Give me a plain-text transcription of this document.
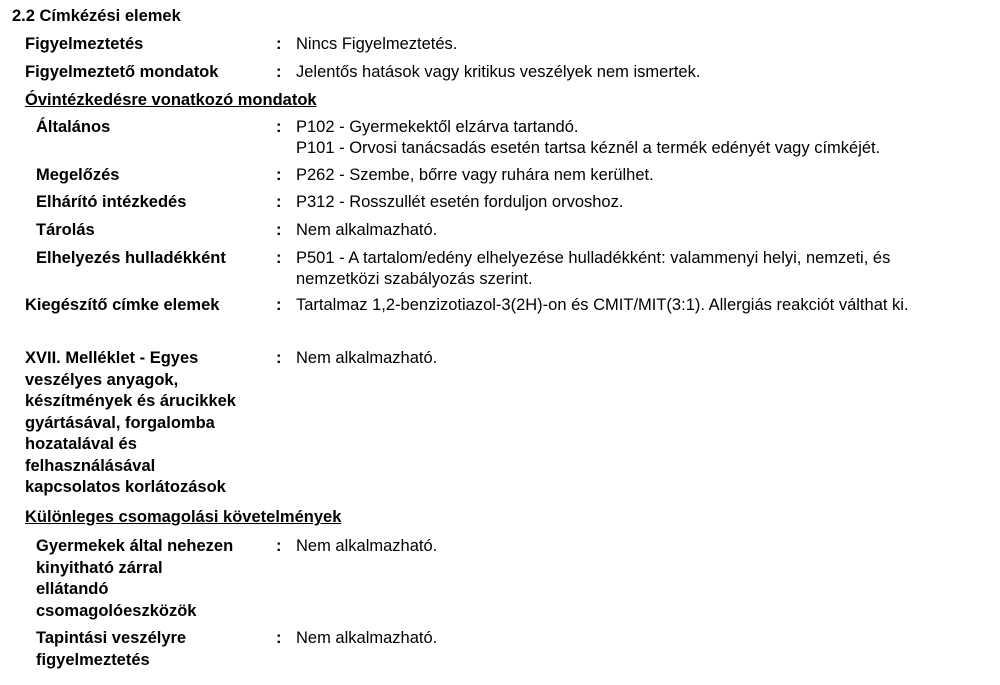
2.2 Címkézési elemek
Figyelmeztetés	: Nincs Figyelmeztetés.
Figyelmeztető mondatok	: Jelentős hatások vagy kritikus veszélyek nem ismertek.
Óvintézkedésre vonatkozó mondatok
Általános	: P102 - Gyermekektől elzárva tartandó.
P101 - Orvosi tanácsadás esetén tartsa kéznél a termék edényét vagy címkéjét.
Megelőzés	: P262 - Szembe, bőrre vagy ruhára nem kerülhet.
Elhárító intézkedés	: P312 - Rosszullét esetén forduljon orvoshoz.
Tárolás	: Nem alkalmazható.
Elhelyezés hulladékként	: P501 - A tartalom/edény elhelyezése hulladékként: valammenyi helyi, nemzeti, és
nemzetközi szabályozás szerint.
Kiegészítő címke elemek	: Tartalmaz 1,2-benzizotiazol-3(2H)-on és CMIT/MIT(3:1). Allergiás reakciót válthat ki.
XVII. Melléklet - Egyes
veszélyes anyagok,
készítmények és árucikkek
gyártásával, forgalomba
hozatalával és
felhasználásával
kapcsolatos korlátozások
: Nem alkalmazható.
Különleges csomagolási követelmények
Gyermekek által nehezen
kinyitható zárral
ellátandó
csomagolóeszközök
: Nem alkalmazható.
Tapintási veszélyre
figyelmeztetés
: Nem alkalmazható.
